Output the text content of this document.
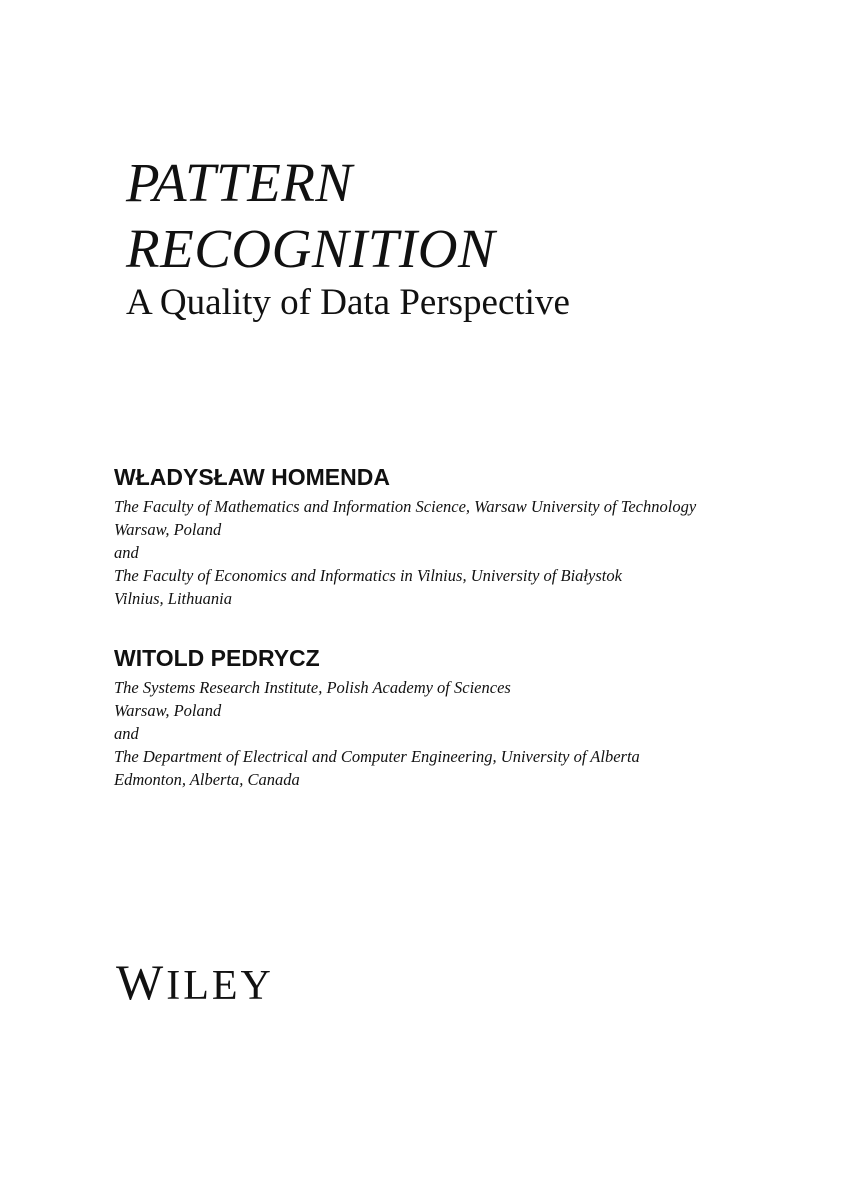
PATTERN
RECOGNITION
A Quality of Data Perspective
WŁADYSŁAW HOMENDA
The Faculty of Mathematics and Information Science, Warsaw University of Technology
Warsaw, Poland
and
The Faculty of Economics and Informatics in Vilnius, University of Białystok
Vilnius, Lithuania
WITOLD PEDRYCZ
The Systems Research Institute, Polish Academy of Sciences
Warsaw, Poland
and
The Department of Electrical and Computer Engineering, University of Alberta
Edmonton, Alberta, Canada
WILEY
